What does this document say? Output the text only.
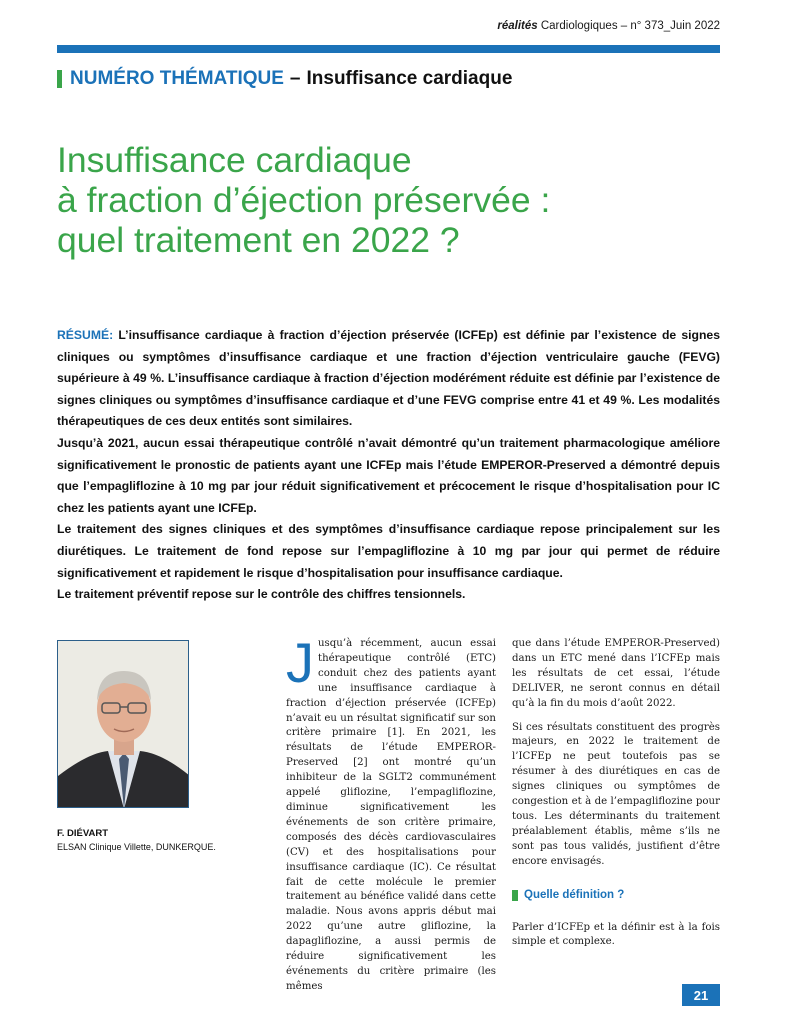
réalités Cardiologiques – n° 373_Juin 2022
NUMÉRO THÉMATIQUE – Insuffisance cardiaque
Insuffisance cardiaque
à fraction d’éjection préservée :
quel traitement en 2022 ?

RÉSUMÉ: L’insuffisance cardiaque à fraction d’éjection préservée (ICFEp) est définie par l’existence de signes cliniques ou symptômes d’insuffisance cardiaque et une fraction d’éjection ventriculaire gauche (FEVG) supérieure à 49 %. L’insuffisance cardiaque à fraction d’éjection modérément réduite est définie par l’existence de signes cliniques ou symptômes d’insuffisance cardiaque et d’une FEVG comprise entre 41 et 49 %. Les modalités thérapeutiques de ces deux entités sont similaires.

Jusqu’à 2021, aucun essai thérapeutique contrôlé n’avait démontré qu’un traitement pharmacologique améliore significativement le pronostic de patients ayant une ICFEp mais l’étude EMPEROR-Preserved a démontré depuis que l’empagliflozine à 10 mg par jour réduit significativement et précocement le risque d’hospitalisation pour IC chez les patients ayant une ICFEp.

Le traitement des signes cliniques et des symptômes d’insuffisance cardiaque repose principalement sur les diurétiques. Le traitement de fond repose sur l’empagliflozine à 10 mg par jour qui permet de réduire significativement et rapidement le risque d’hospitalisation pour insuffisance cardiaque.

Le traitement préventif repose sur le contrôle des chiffres tensionnels.

F. DIÉVART
ELSAN Clinique Villette, DUNKERQUE.

Jusqu’à récemment, aucun essai thérapeutique contrôlé (ETC) conduit chez des patients ayant une insuffisance cardiaque à fraction d’éjection préservée (ICFEp) n’avait eu un résultat significatif sur son critère primaire [1]. En 2021, les résultats de l’étude EMPEROR-Preserved [2] ont montré qu’un inhibiteur de la SGLT2 communément appelé gliflozine, l’empagliflozine, diminue significativement les événements de son critère primaire, composés des décès cardiovasculaires (CV) et des hospitalisations pour insuffisance cardiaque (IC). Ce résultat fait de cette molécule le premier traitement au bénéfice validé dans cette maladie. Nous avons appris début mai 2022 qu’une autre gliflozine, la dapagliflozine, a aussi permis de réduire significativement les événements du critère primaire (les mêmes

que dans l’étude EMPEROR-Preserved) dans un ETC mené dans l’ICFEp mais les résultats de cet essai, l’étude DELIVER, ne seront connus en détail qu’à la fin du mois d’août 2022.

Si ces résultats constituent des progrès majeurs, en 2022 le traitement de l’ICFEp ne peut toutefois pas se résumer à des diurétiques en cas de signes cliniques ou symptômes de congestion et à de l’empagliflozine pour tous. Les déterminants du traitement préalablement établis, même s’ils ne sont pas tous validés, justifient d’être encore envisagés.

Quelle définition ?

Parler d’ICFEp et la définir est à la fois simple et complexe.

21
